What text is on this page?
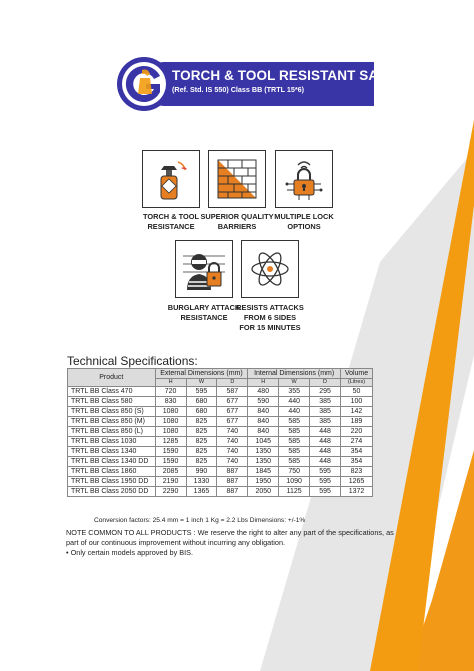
TORCH & TOOL RESISTANT SAFES
(Ref. Std. IS 550) Class BB (TRTL 15*6)
TORCH & TOOL
RESISTANCE
SUPERIOR QUALITY
BARRIERS
MULTIPLE LOCK
OPTIONS
BURGLARY ATTACK
RESISTANCE
RESISTS ATTACKS
FROM 6 SIDES
FOR 15 MINUTES
Technical Specifications:
Product	External Dimensions (mm)			Internal Dimensions (mm)			Volume
	H	W	D	H	W	D	(Litres)
TRTL BB Class 470	720	595	587	480	355	295	50
TRTL BB Class 580	830	680	677	590	440	385	100
TRTL BB Class 850 (S)	1080	680	677	840	440	385	142
TRTL BB Class 850 (M)	1080	825	677	840	585	385	189
TRTL BB Class 850 (L)	1080	825	740	840	585	448	220
TRTL BB Class 1030	1285	825	740	1045	585	448	274
TRTL BB Class 1340	1590	825	740	1350	585	448	354
TRTL BB Class 1340 DD	1590	825	740	1350	585	448	354
TRTL BB Class 1860	2085	990	887	1845	750	595	823
TRTL BB Class 1950 DD	2190	1330	887	1950	1090	595	1265
TRTL BB Class 2050 DD	2290	1365	887	2050	1125	595	1372
Conversion factors: 25.4 mm = 1 inch 1 Kg = 2.2 Lbs Dimensions: +/-1%
NOTE COMMON TO ALL PRODUCTS : We reserve the right to alter any part of the specifications, as
part of our continuous improvement without incurring any obligation.
• Only certain models approved by BIS.
